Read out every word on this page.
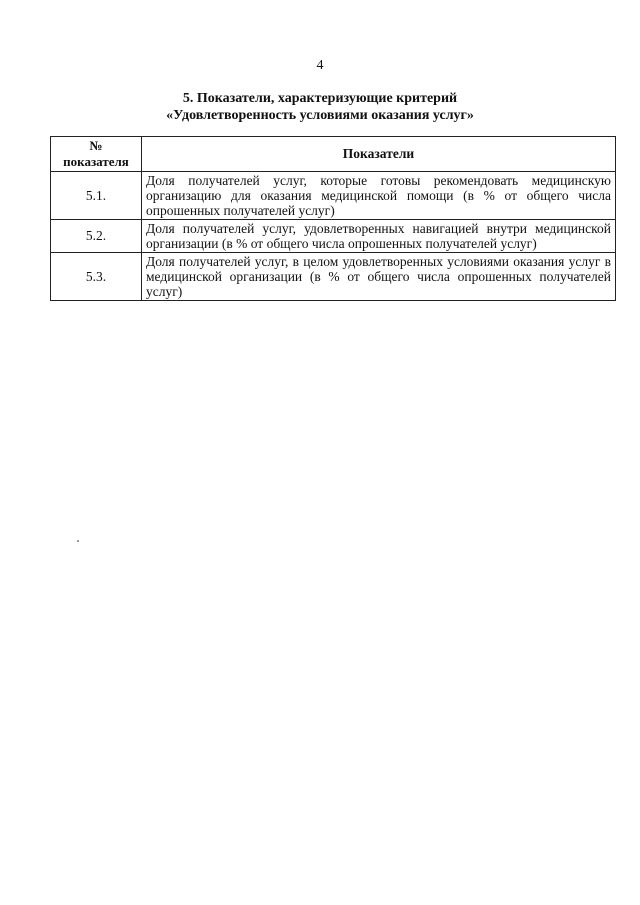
4
5. Показатели, характеризующие критерий
«Удовлетворенность условиями оказания услуг»
№
показателя	Показатели
5.1.	Доля получателей услуг, которые готовы рекомендовать медицинскую организацию для оказания медицинской помощи (в % от общего числа опрошенных получателей услуг)
5.2.	Доля получателей услуг, удовлетворенных навигацией внутри медицинской организации (в % от общего числа опрошенных получателей услуг)
5.3.	Доля получателей услуг, в целом удовлетворенных условиями оказания услуг в медицинской организации (в % от общего числа опрошенных получателей услуг)
